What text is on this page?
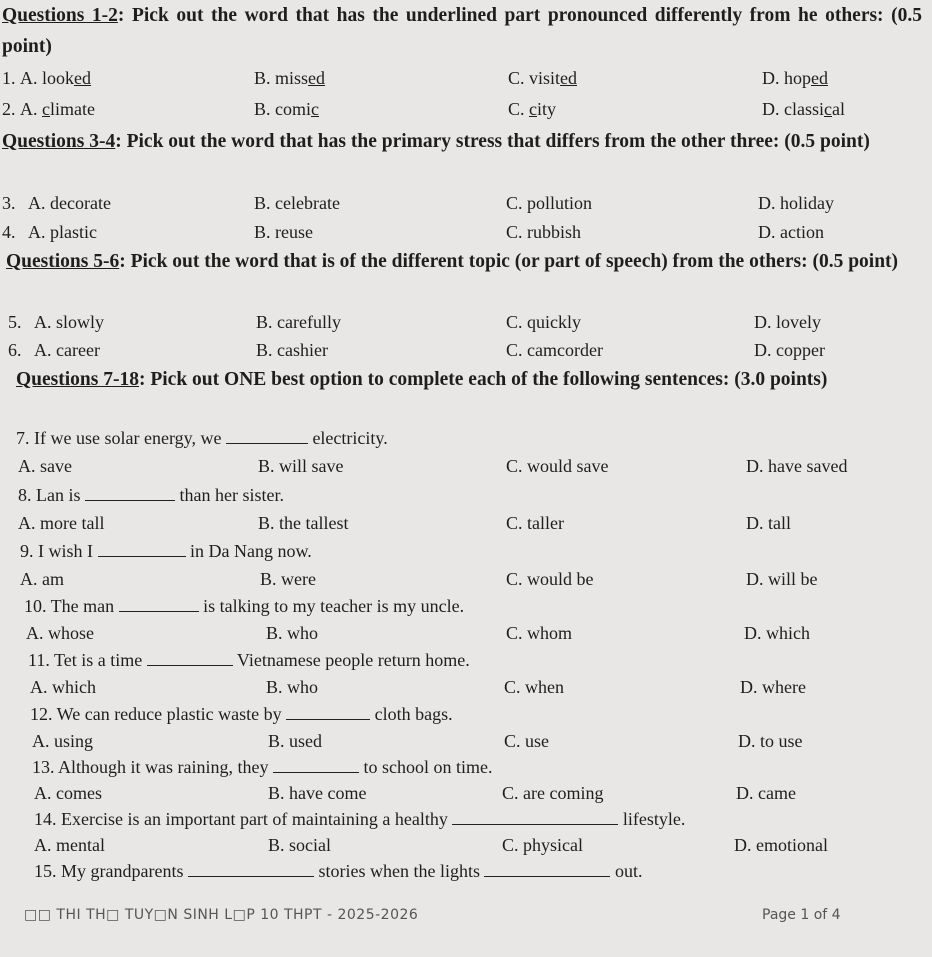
Questions 1-2: Pick out the word that has the underlined part pronounced differently from he others: (0.5 point)
1. A. looked	B. missed	C. visited	D. hoped
2. A. climate	B. comic	C. city	D. classical
Questions 3-4: Pick out the word that has the primary stress that differs from the other three: (0.5 point)
3. A. decorate	B. celebrate	C. pollution	D. holiday
4. A. plastic	B. reuse	C. rubbish	D. action
Questions 5-6: Pick out the word that is of the different topic (or part of speech) from the others: (0.5 point)
5. A. slowly	B. carefully	C. quickly	D. lovely
6. A. career	B. cashier	C. camcorder	D. copper
Questions 7-18: Pick out ONE best option to complete each of the following sentences: (3.0 points)
7. If we use solar energy, we	electricity.
A. save	B. will save	C. would save	D. have saved
8. Lan is	than her sister.
A. more tall	B. the tallest	C. taller	D. tall
9. I wish I	in Da Nang now.
A. am	B. were	C. would be	D. will be
10. The man	is talking to my teacher is my uncle.
A. whose	B. who	C. whom	D. which
11. Tet is a time	Vietnamese people return home.
A. which	B. who	C. when	D. where
12. We can reduce plastic waste by	cloth bags.
A. using	B. used	C. use	D. to use
13. Although it was raining, they	to school on time.
A. comes	B. have come	C. are coming	D. came
14. Exercise is an important part of maintaining a healthy	lifestyle.
A. mental	B. social	C. physical	D. emotional
15. My grandparents	stories when the lights	out.
□□ THI TH□ TUY□N SINH L□P 10 THPT - 2025-2026	Page 1 of 4
